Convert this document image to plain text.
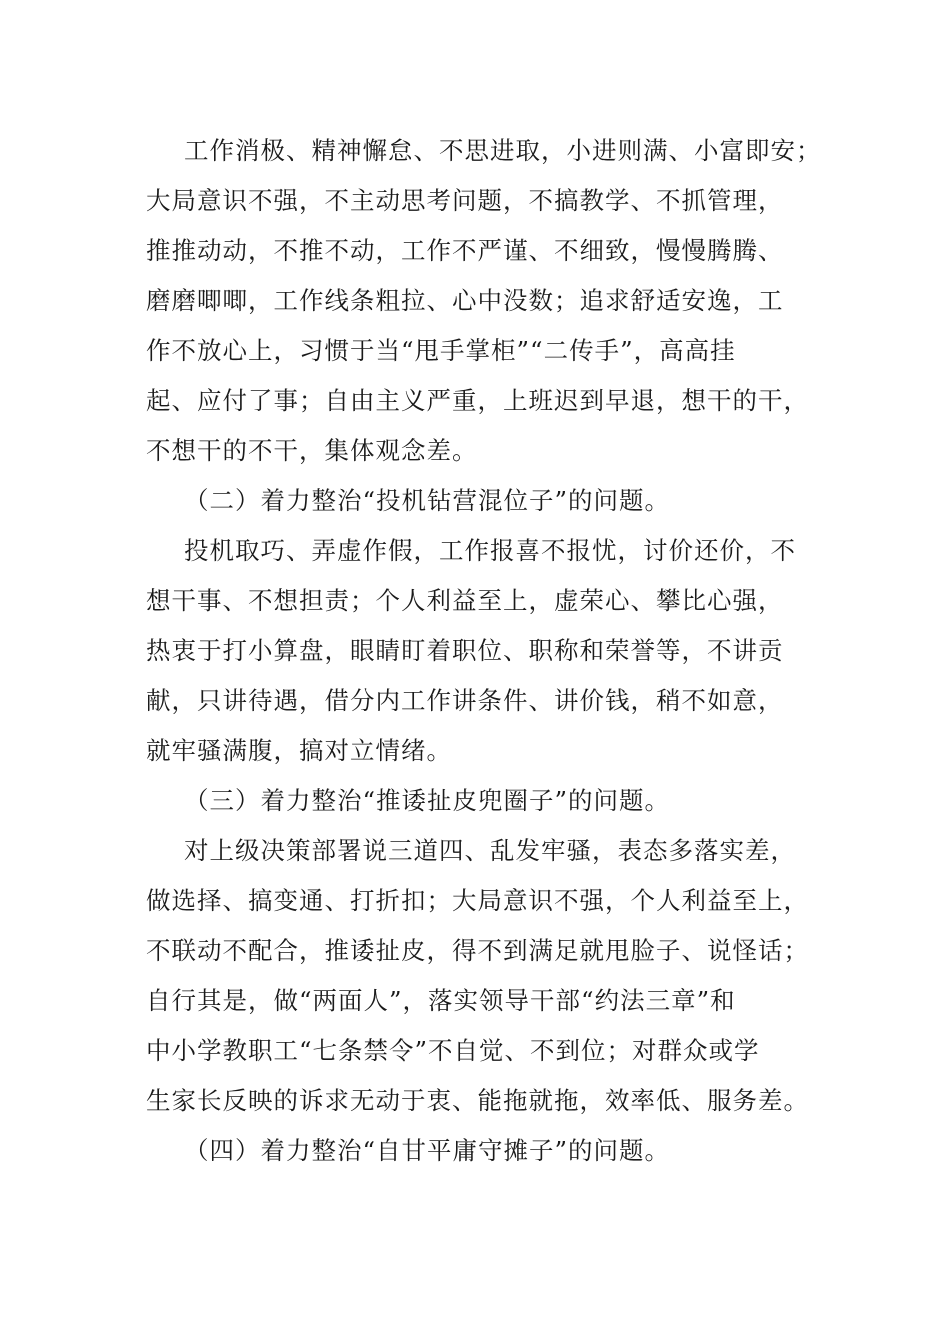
工作消极、精神懈怠、不思进取，小进则满、小富即安；
大局意识不强，不主动思考问题，不搞教学、不抓管理，
推推动动，不推不动，工作不严谨、不细致，慢慢腾腾、
磨磨唧唧，工作线条粗拉、心中没数；追求舒适安逸，工
作不放心上，习惯于当“甩手掌柜”“二传手”，高高挂
起、应付了事；自由主义严重，上班迟到早退，想干的干，
不想干的不干，集体观念差。
（二）着力整治“投机钻营混位子”的问题。
投机取巧、弄虚作假，工作报喜不报忧，讨价还价，不
想干事、不想担责；个人利益至上，虚荣心、攀比心强，
热衷于打小算盘，眼睛盯着职位、职称和荣誉等，不讲贡
献，只讲待遇，借分内工作讲条件、讲价钱，稍不如意，
就牢骚满腹，搞对立情绪。
（三）着力整治“推诿扯皮兜圈子”的问题。
对上级决策部署说三道四、乱发牢骚，表态多落实差，
做选择、搞变通、打折扣；大局意识不强，个人利益至上，
不联动不配合，推诿扯皮，得不到满足就甩脸子、说怪话；
自行其是，做“两面人”，落实领导干部“约法三章”和
中小学教职工“七条禁令”不自觉、不到位；对群众或学
生家长反映的诉求无动于衷、能拖就拖，效率低、服务差。
（四）着力整治“自甘平庸守摊子”的问题。
